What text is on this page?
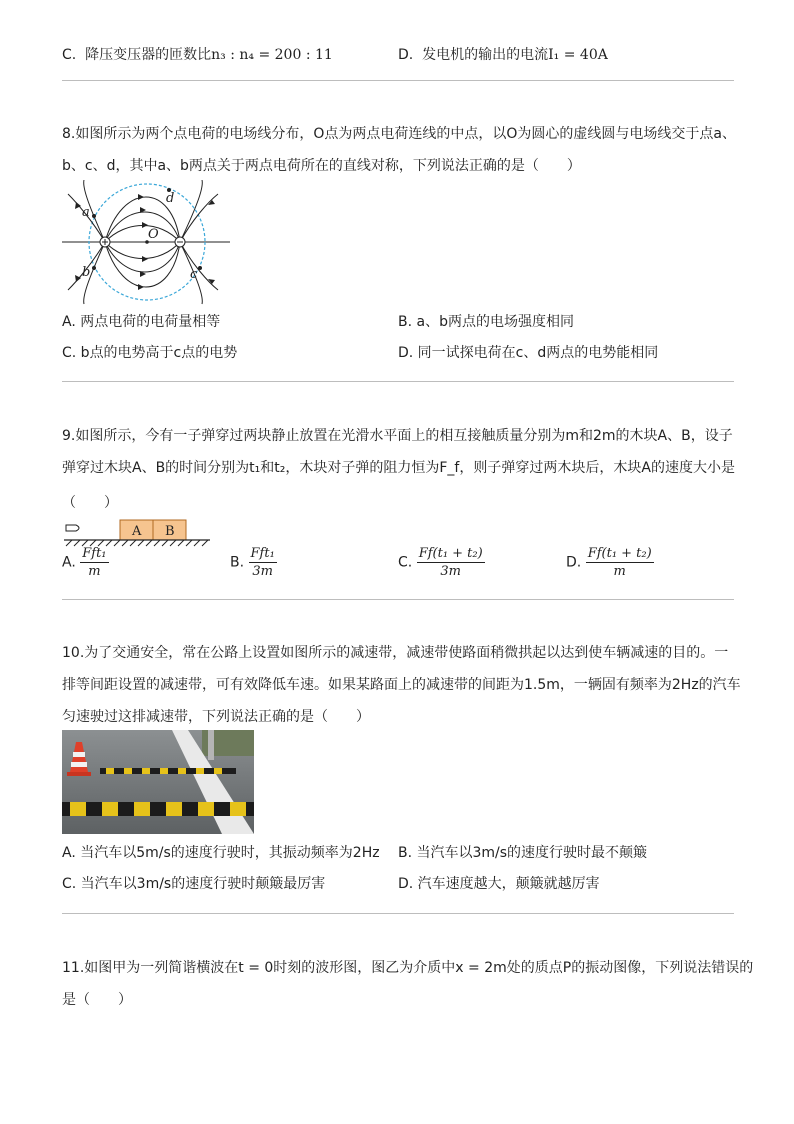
C. 降压变压器的匝数比n₃ : n₄ = 200 : 11	D. 发电机的输出的电流I₁ = 40A
8.如图所示为两个点电荷的电场线分布，O点为两点电荷连线的中点，以O为圆心的虚线圆与电场线交于点a、
b、c、d，其中a、b两点关于两点电荷所在的直线对称，下列说法正确的是（　　）
a
b	c
d
O
A. 两点电荷的电荷量相等	B. a、b两点的电场强度相同
C. b点的电势高于c点的电势	D. 同一试探电荷在c、d两点的电势能相同
9.如图所示，今有一子弹穿过两块静止放置在光滑水平面上的相互接触质量分别为m和2m的木块A、B，设子
弹穿过木块A、B的时间分别为t₁和t₂，木块对子弹的阻力恒为F_f，则子弹穿过两木块后，木块A的速度大小是
（　　）
A B
A. $\frac{\text{Fft₁}}{m}$	B. $\frac{\text{Fft₁}}{3m}$	C. $\frac{\text{Ff(t₁ + t₂)}}{3m}$	D. $\frac{\text{Ff(t₁ + t₂)}}{m}$
10.为了交通安全，常在公路上设置如图所示的减速带，减速带使路面稍微拱起以达到使车辆减速的目的。一
排等间距设置的减速带，可有效降低车速。如果某路面上的减速带的间距为1.5m，一辆固有频率为2Hz的汽车
匀速驶过这排减速带，下列说法正确的是（　　）
A. 当汽车以5m/s的速度行驶时，其振动频率为2Hz B. 当汽车以3m/s的速度行驶时最不颠簸
C. 当汽车以3m/s的速度行驶时颠簸最厉害	D. 汽车速度越大，颠簸就越厉害
11.如图甲为一列简谐横波在t = 0时刻的波形图，图乙为介质中x = 2m处的质点P的振动图像，下列说法错误的
是（　　）
